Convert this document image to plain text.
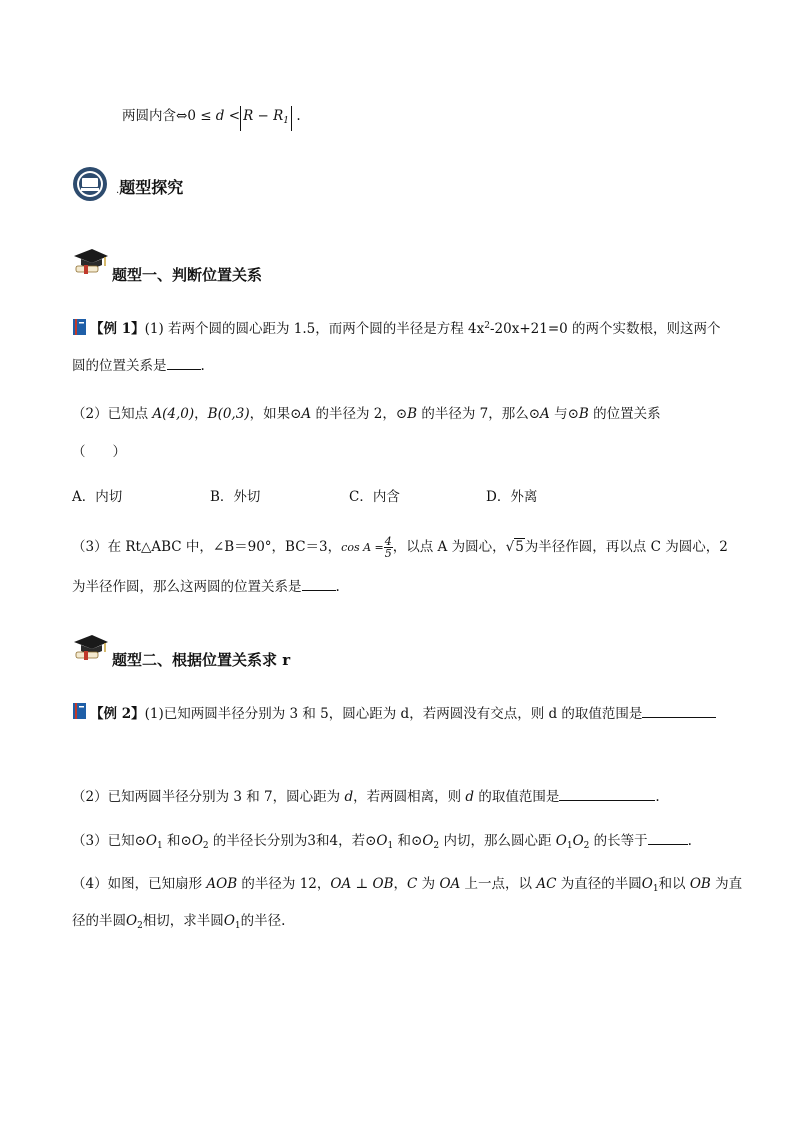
两圆内含⇔0 ≤ $d < R - R_1$ .
.题型探究
题型一、判断位置关系
【例 1】(1) 若两个圆的圆心距为 1.5，而两个圆的半径是方程 $4x^2-20x+21=0$ 的两个实数根，则这两个
圆的位置关系是	.
（2）已知点 A(4,0)，B(0,3)，如果⊙A 的半径为 2，⊙B 的半径为 7，那么⊙A 与⊙B 的位置关系
（　　）
A．内切	B．外切	C．内含	D．外离
（3）在 Rt△ABC 中，∠B＝90°，BC＝3，$\cos A = \frac{4}{5}$ ，以点 A 为圆心，√5为半径作圆，再以点 C 为圆心，2
为半径作圆，那么这两圆的位置关系是	.
题型二、根据位置关系求 r
【例 2】(1)已知两圆半径分别为 3 和 5，圆心距为 d，若两圆没有交点，则 d 的取值范围是
（2）已知两圆半径分别为 3 和 7，圆心距为 d，若两圆相离，则 d 的取值范围是	.
（3）已知$⊙O_1$ 和$⊙O_2$ 的半径长分别为3和4，若$⊙O_1$ 和$⊙O_2$ 内切，那么圆心距 $O_1O_2$ 的长等于	.
（4）如图，已知扇形 AOB 的半径为 12，OA ⊥ OB，C 为 OA 上一点，以 AC 为直径的半圆$O_1$和以 OB 为直
径的半圆$O_2$相切，求半圆$O_1$的半径.
